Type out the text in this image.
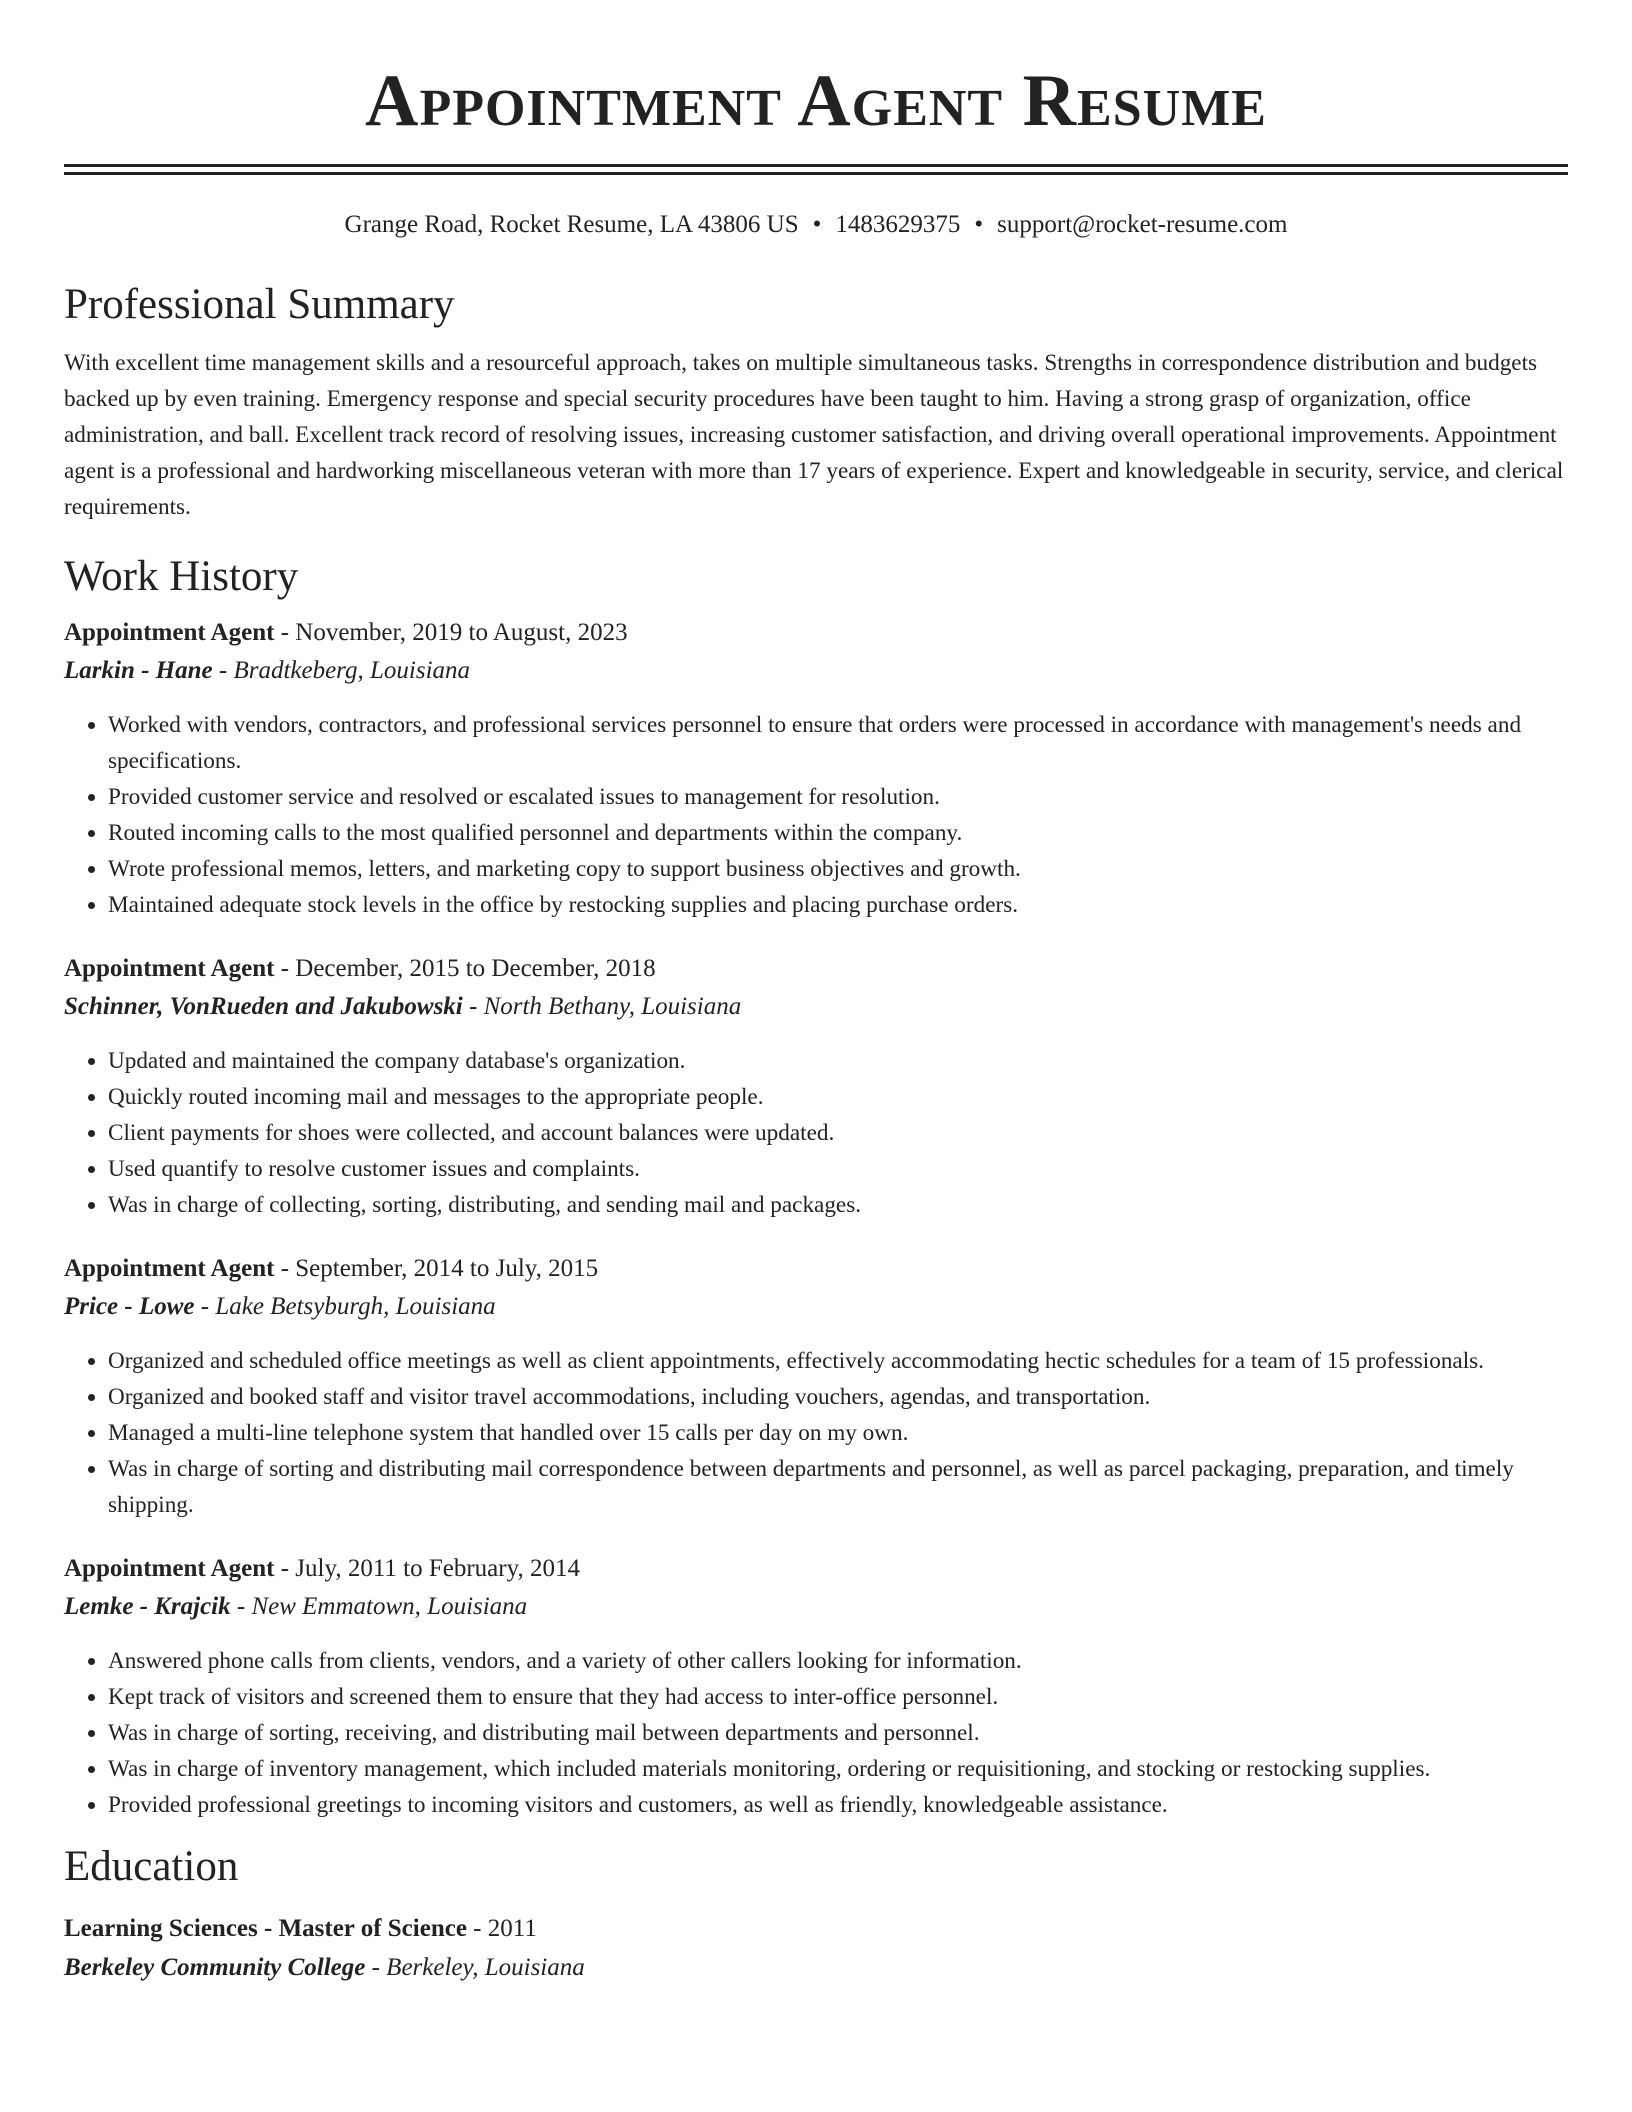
Appointment Agent Resume
Grange Road, Rocket Resume, LA 43806 US • 1483629375 • support@rocket-resume.com
Professional Summary

With excellent time management skills and a resourceful approach, takes on multiple simultaneous tasks. Strengths in correspondence distribution and budgets backed up by even training. Emergency response and special security procedures have been taught to him. Having a strong grasp of organization, office administration, and ball. Excellent track record of resolving issues, increasing customer satisfaction, and driving overall operational improvements. Appointment agent is a professional and hardworking miscellaneous veteran with more than 17 years of experience. Expert and knowledgeable in security, service, and clerical requirements.

Work History
Appointment Agent - November, 2019 to August, 2023
Larkin - Hane - Bradtkeberg, Louisiana
• Worked with vendors, contractors, and professional services personnel to ensure that orders were processed in accordance with management's needs and specifications.
• Provided customer service and resolved or escalated issues to management for resolution.
• Routed incoming calls to the most qualified personnel and departments within the company.
• Wrote professional memos, letters, and marketing copy to support business objectives and growth.
• Maintained adequate stock levels in the office by restocking supplies and placing purchase orders.
Appointment Agent - December, 2015 to December, 2018
Schinner, VonRueden and Jakubowski - North Bethany, Louisiana
• Updated and maintained the company database's organization.
• Quickly routed incoming mail and messages to the appropriate people.
• Client payments for shoes were collected, and account balances were updated.
• Used quantify to resolve customer issues and complaints.
• Was in charge of collecting, sorting, distributing, and sending mail and packages.
Appointment Agent - September, 2014 to July, 2015
Price - Lowe - Lake Betsyburgh, Louisiana
• Organized and scheduled office meetings as well as client appointments, effectively accommodating hectic schedules for a team of 15 professionals.
• Organized and booked staff and visitor travel accommodations, including vouchers, agendas, and transportation.
• Managed a multi-line telephone system that handled over 15 calls per day on my own.
• Was in charge of sorting and distributing mail correspondence between departments and personnel, as well as parcel packaging, preparation, and timely shipping.
Appointment Agent - July, 2011 to February, 2014
Lemke - Krajcik - New Emmatown, Louisiana
• Answered phone calls from clients, vendors, and a variety of other callers looking for information.
• Kept track of visitors and screened them to ensure that they had access to inter-office personnel.
• Was in charge of sorting, receiving, and distributing mail between departments and personnel.
• Was in charge of inventory management, which included materials monitoring, ordering or requisitioning, and stocking or restocking supplies.
• Provided professional greetings to incoming visitors and customers, as well as friendly, knowledgeable assistance.
Education
Learning Sciences - Master of Science - 2011
Berkeley Community College - Berkeley, Louisiana
